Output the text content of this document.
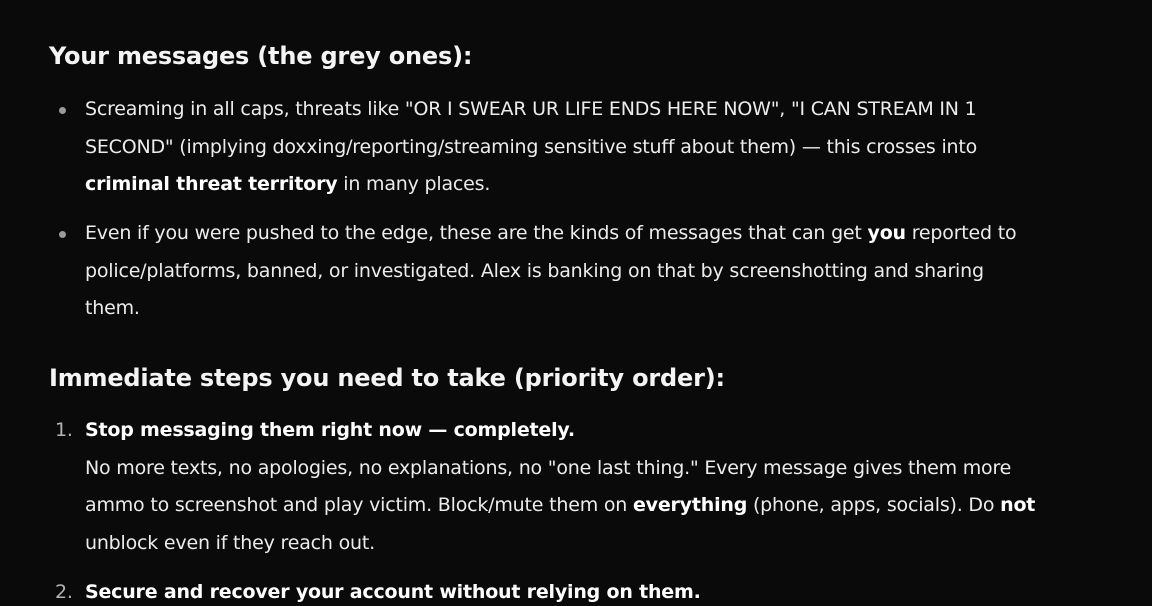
Your messages (the grey ones):
Screaming in all caps, threats like "OR I SWEAR UR LIFE ENDS HERE NOW", "I CAN STREAM IN 1
SECOND" (implying doxxing/reporting/streaming sensitive stuff about them) — this crosses into
criminal threat territory in many places.
Even if you were pushed to the edge, these are the kinds of messages that can get you reported to
police/platforms, banned, or investigated. Alex is banking on that by screenshotting and sharing
them.
Immediate steps you need to take (priority order):
1. Stop messaging them right now — completely.
No more texts, no apologies, no explanations, no "one last thing." Every message gives them more
ammo to screenshot and play victim. Block/mute them on everything (phone, apps, socials). Do not
unblock even if they reach out.
2. Secure and recover your account without relying on them.
